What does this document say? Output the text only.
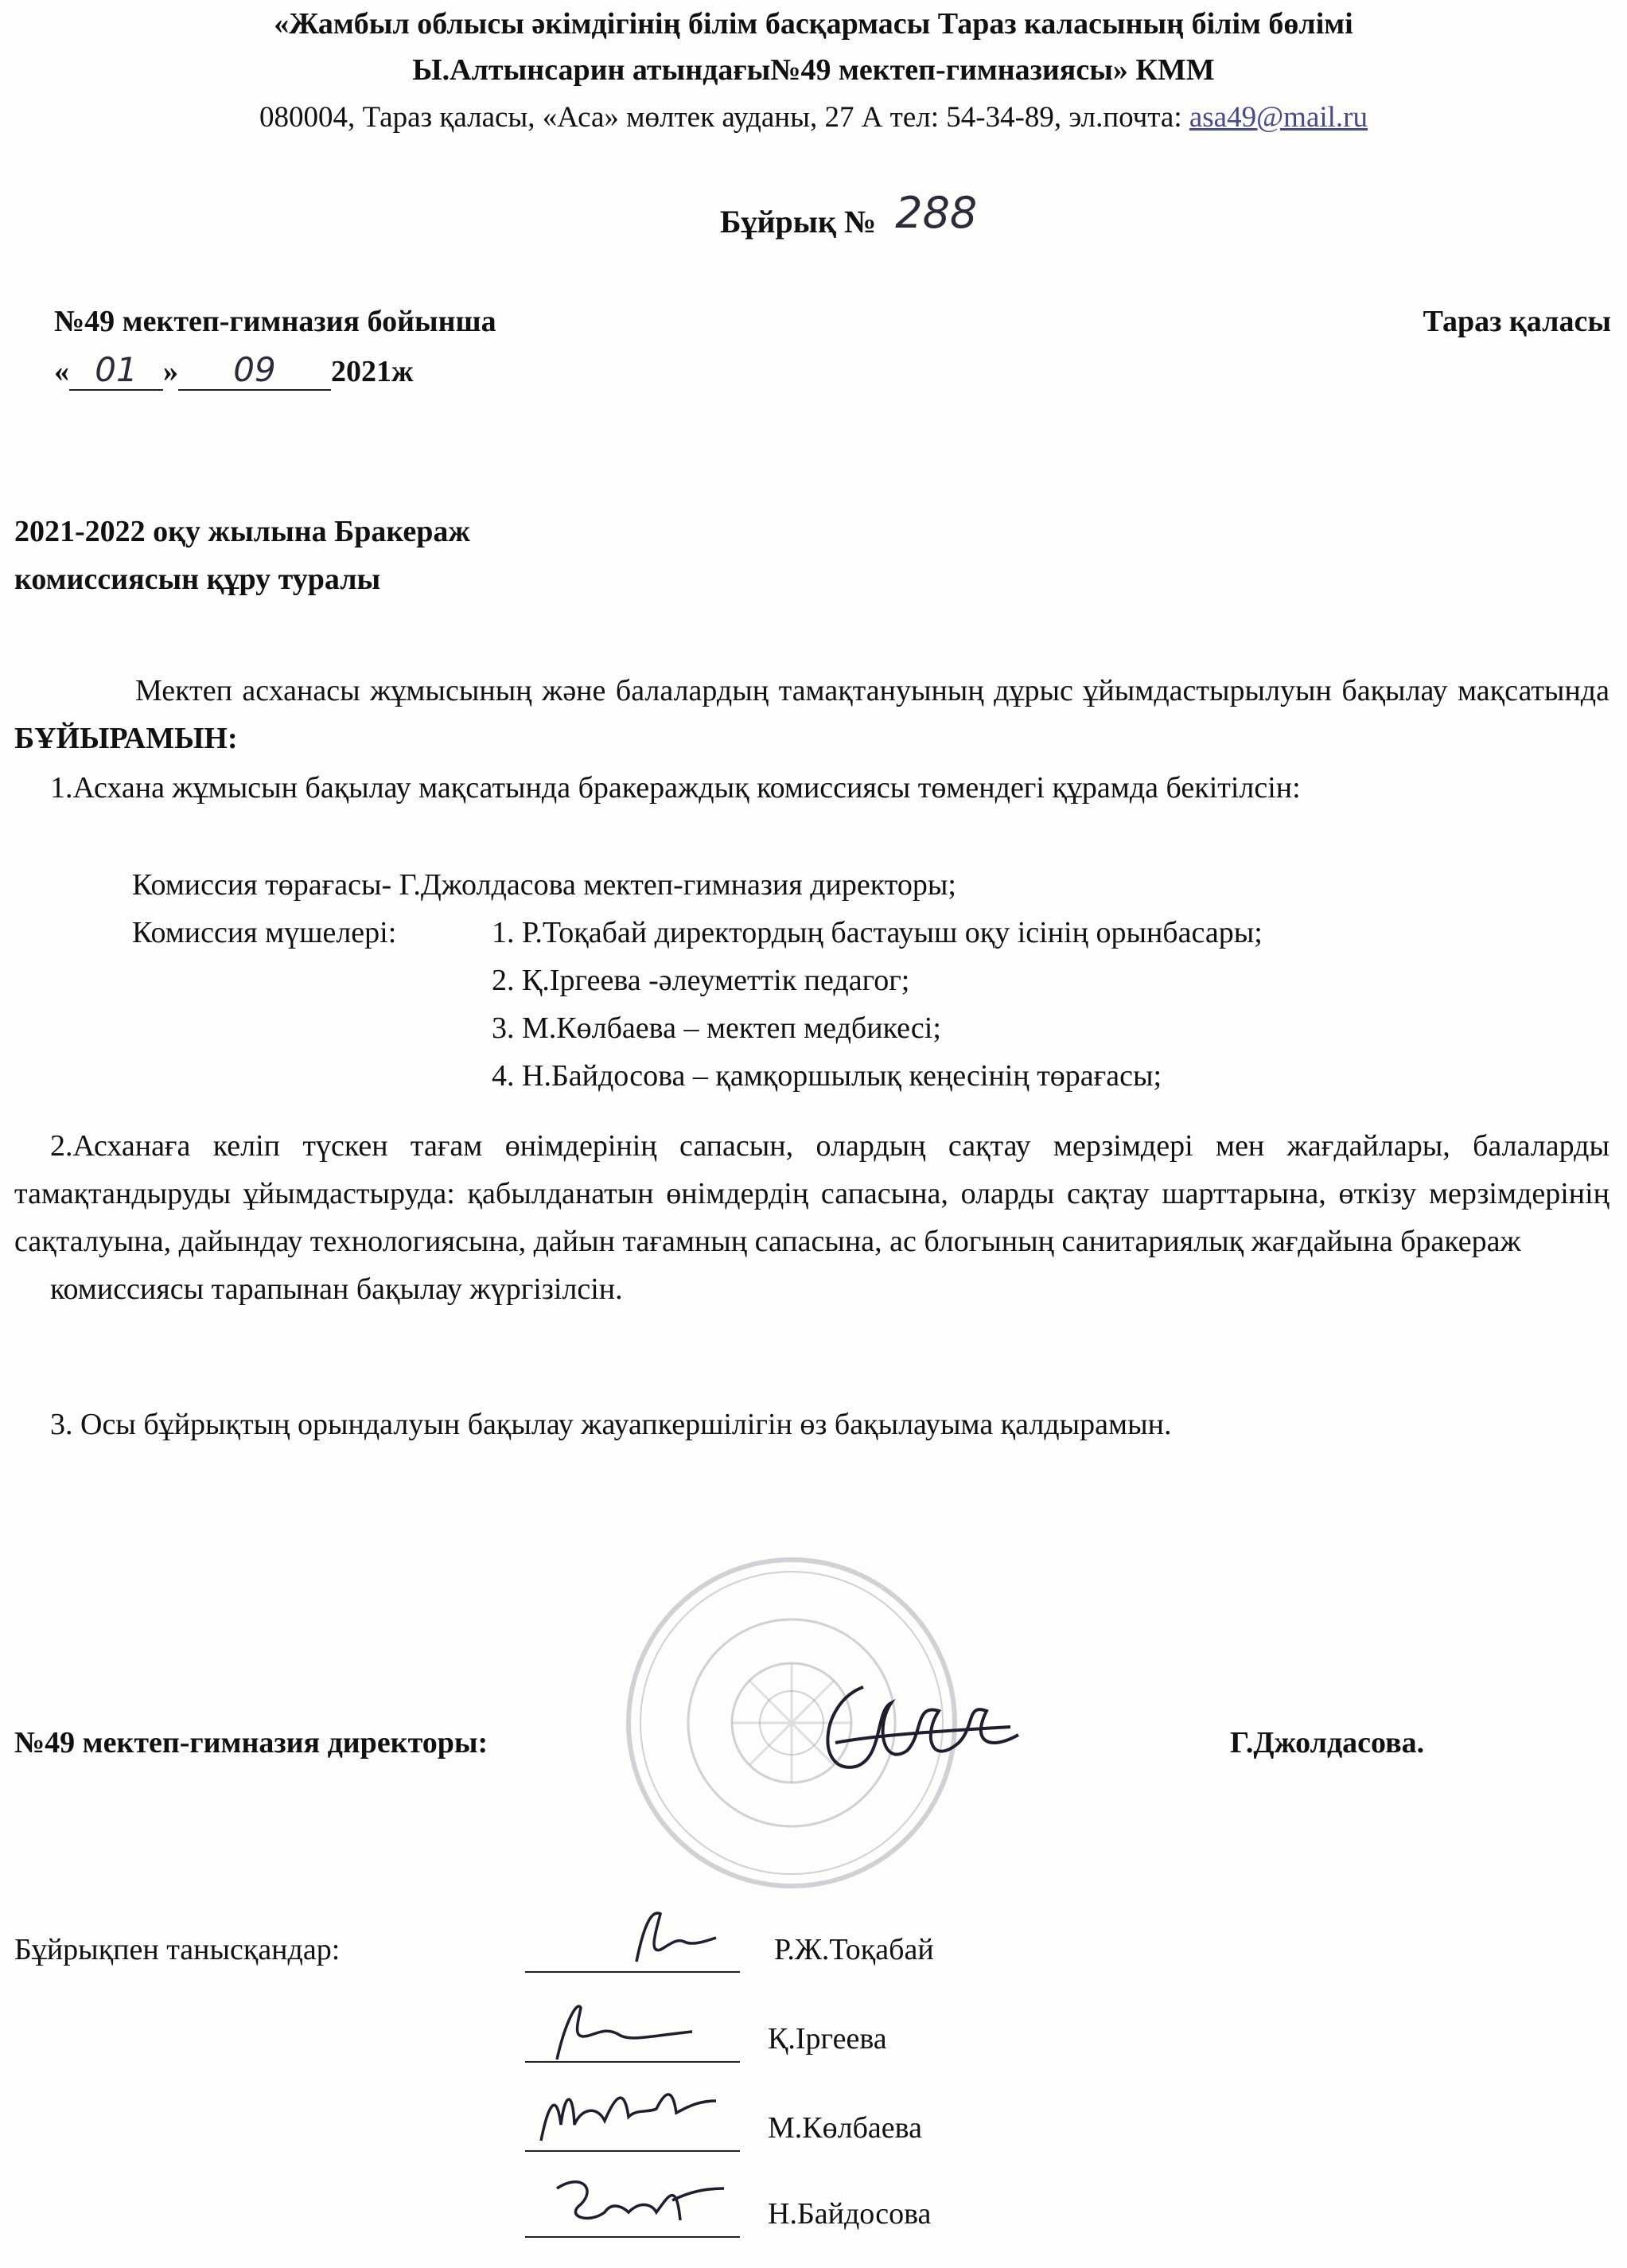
«Жамбыл облысы әкімдігінің білім басқармасы Тараз каласының білім бөлімі
Ы.Алтынсарин атындағы№49 мектеп-гимназиясы» КММ
080004, Тараз қаласы, «Аса» мөлтек ауданы, 27 А тел: 54-34-89, эл.почта: asa49@mail.ru
Бұйрық № 288
№49 мектеп-гимназия бойынша	Тараз қаласы
« 01 » 09 2021ж
2021-2022 оқу жылына Бракераж
комиссиясын құру туралы
Мектеп асханасы жұмысының және балалардың тамақтануының дұрыс ұйымдастырылуын бақылау мақсатында БҰЙЫРАМЫН:
1.Асхана жұмысын бақылау мақсатында бракераждық комиссиясы төмендегі құрамда бекітілсін:
Комиссия төрағасы- Г.Джолдасова мектеп-гимназия директоры;
Комиссия мүшелері:	1. Р.Тоқабай директордың бастауыш оқу ісінің орынбасары;
2. Қ.Іргеева -әлеуметтік педагог;
3. М.Көлбаева – мектеп медбикесі;
4. Н.Байдосова – қамқоршылық кеңесінің төрағасы;
2.Асханаға келіп түскен тағам өнімдерінің сапасын, олардың сақтау мерзімдері мен жағдайлары, балаларды тамақтандыруды ұйымдастыруда: қабылданатын өнімдердің сапасына, оларды сақтау шарттарына, өткізу мерзімдерінің сақталуына, дайындау технологиясына, дайын тағамның сапасына, ас блогының санитариялық жағдайына бракераж
комиссиясы тарапынан бақылау жүргізілсін.
3. Осы бұйрықтың орындалуын бақылау жауапкершілігін өз бақылауыма қалдырамын.
№49 мектеп-гимназия директоры:	Г.Джолдасова.
Бұйрықпен танысқандар:	Р.Ж.Тоқабай
Қ.Іргеева
М.Көлбаева
Н.Байдосова
